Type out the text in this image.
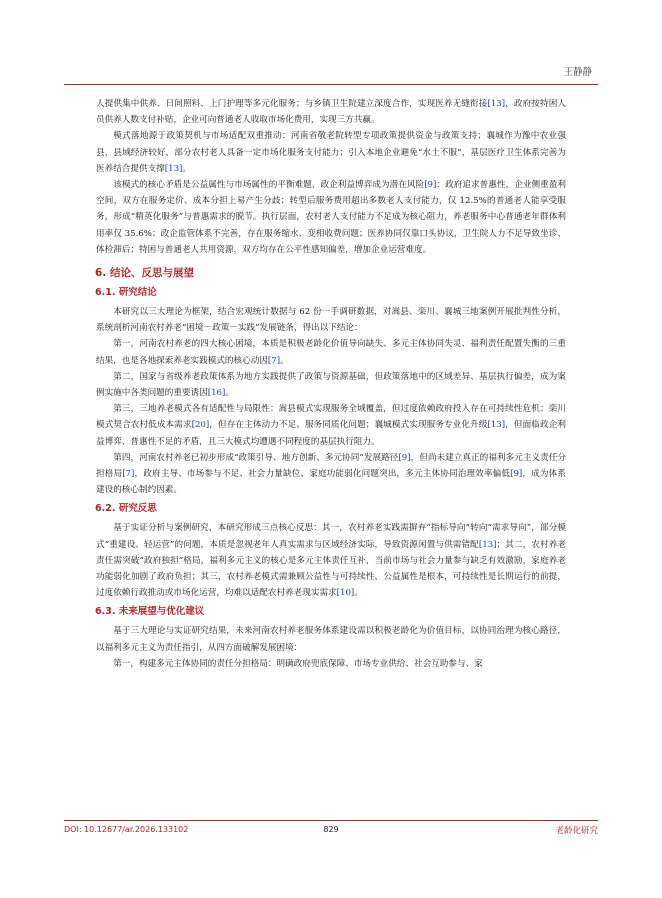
王静静

人提供集中供养、日间照料、上门护理等多元化服务；与乡镇卫生院建立深度合作，实现医养无缝衔接[13]，政府按特困人员供养人数支付补贴，企业可向普通老人收取市场化费用，实现三方共赢。

模式落地源于政策契机与市场适配双重推动：河南省敬老院转型专项政策提供资金与政策支持；襄城作为豫中农业强县，县域经济较好，部分农村老人具备一定市场化服务支付能力；引入本地企业避免“水土不服”，基层医疗卫生体系完善为医养结合提供支撑[13]。

该模式的核心矛盾是公益属性与市场属性的平衡难题，政企利益博弈成为潜在风险[9]：政府追求普惠性，企业侧重盈利空间，双方在服务定价、成本分担上易产生分歧；转型后服务费用超出多数老人支付能力，仅 12.5%的普通老人能享受服务，形成“精英化服务”与普惠需求的脱节。执行层面，农村老人支付能力不足成为核心阻力，养老服务中心普通老年群体利用率仅 35.6%；政企监管体系不完善，存在服务缩水、变相收费问题；医养协同仅靠口头协议，卫生院人力不足导致坐诊、体检滞后；特困与普通老人共用资源，双方均存在公平性感知偏差，增加企业运营难度。

6. 结论、反思与展望
6.1. 研究结论

本研究以三大理论为框架，结合宏观统计数据与 62 份一手调研数据，对嵩县、栾川、襄城三地案例开展批判性分析，系统剖析河南农村养老“困境－政策－实践”发展链条，得出以下结论：

第一，河南农村养老的四大核心困境，本质是积极老龄化价值导向缺失、多元主体协同失灵、福利责任配置失衡的三重结果，也是各地探索养老实践模式的核心动因[7]。

第二，国家与省级养老政策体系为地方实践提供了政策与资源基础，但政策落地中的区域差异、基层执行偏差，成为案例实施中各类问题的重要诱因[16]。

第三，三地养老模式各有适配性与局限性：嵩县模式实现服务全域覆盖，但过度依赖政府投入存在可持续性危机；栾川模式契合农村低成本需求[20]，但存在主体动力不足、服务同质化问题；襄城模式实现服务专业化升级[13]，但面临政企利益博弈、普惠性不足的矛盾，且三大模式均遭遇不同程度的基层执行阻力。

第四，河南农村养老已初步形成“政策引导、地方创新、多元协同”发展路径[9]，但尚未建立真正的福利多元主义责任分担格局[7]，政府主导、市场参与不足、社会力量缺位、家庭功能弱化问题突出，多元主体协同治理效率偏低[9]，成为体系建设的核心制约因素。

6.2. 研究反思

基于实证分析与案例研究，本研究形成三点核心反思：其一，农村养老实践需摒弃“指标导向”转向“需求导向”，部分模式“重建设、轻运营”的问题，本质是忽视老年人真实需求与区域经济实际，导致资源闲置与供需错配[13]；其二，农村养老责任需突破“政府独担”格局，福利多元主义的核心是多元主体责任互补，当前市场与社会力量参与缺乏有效激励，家庭养老功能弱化加剧了政府负担；其三，农村养老模式需兼顾公益性与可持续性，公益属性是根本，可持续性是长期运行的前提，过度依赖行政推动或市场化运营，均难以适配农村养老现实需求[10]。

6.3. 未来展望与优化建议

基于三大理论与实证研究结果，未来河南农村养老服务体系建设需以积极老龄化为价值目标，以协同治理为核心路径，以福利多元主义为责任指引，从四方面破解发展困境：

第一，构建多元主体协同的责任分担格局：明确政府兜底保障、市场专业供给、社会互助参与、家

DOI: 10.12677/ar.2026.133102	829	老龄化研究
